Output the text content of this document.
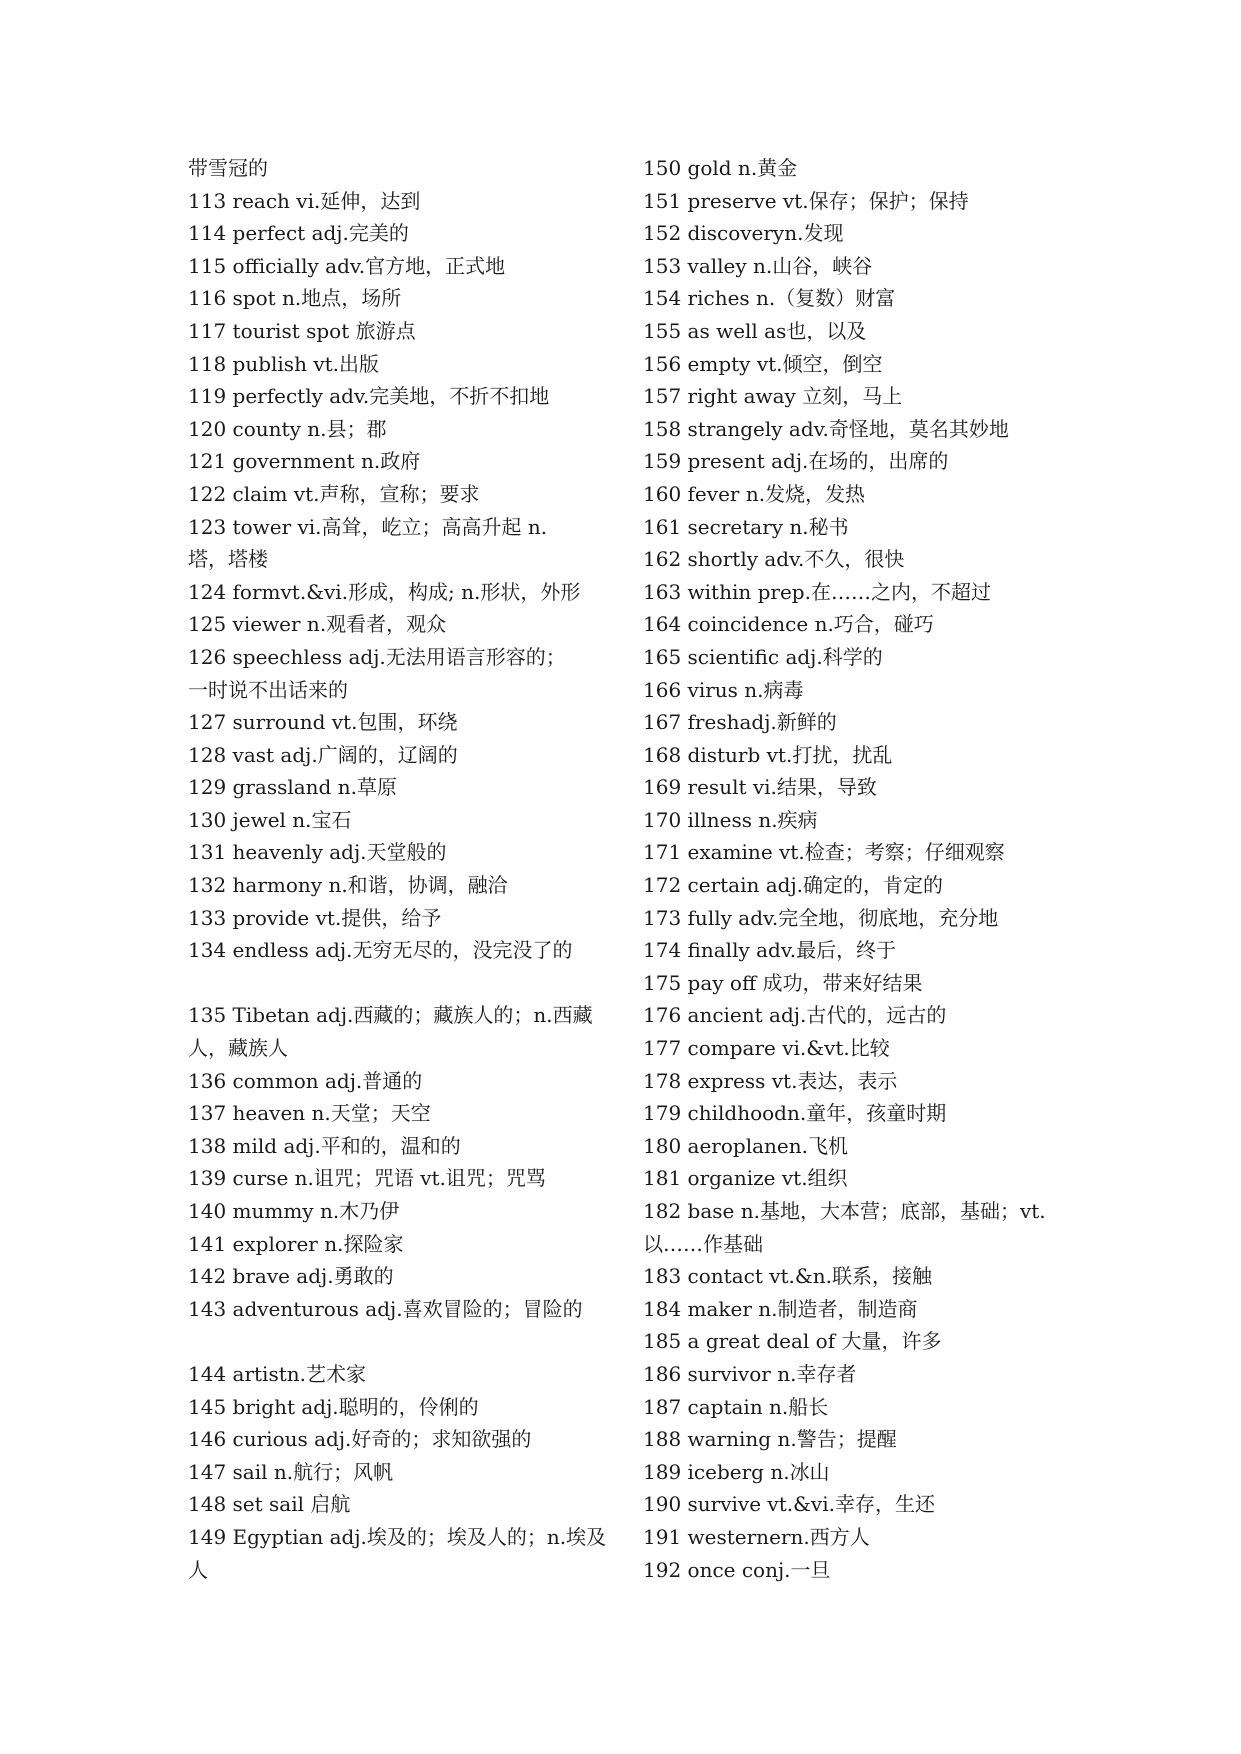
带雪冠的
113 reach vi.延伸，达到
114 perfect adj.完美的
115 officially adv.官方地，正式地
116 spot n.地点，场所
117 tourist spot 旅游点
118 publish vt.出版
119 perfectly adv.完美地，不折不扣地
120 county n.县；郡
121 government n.政府
122 claim vt.声称，宣称；要求
123 tower vi.高耸，屹立；高高升起 n.
塔，塔楼
124 formvt.&vi.形成，构成; n.形状，外形
125 viewer n.观看者，观众
126 speechless adj.无法用语言形容的；
一时说不出话来的
127 surround vt.包围，环绕
128 vast adj.广阔的，辽阔的
129 grassland n.草原
130 jewel n.宝石
131 heavenly adj.天堂般的
132 harmony n.和谐，协调，融洽
133 provide vt.提供，给予
134 endless adj.无穷无尽的，没完没了的
135 Tibetan adj.西藏的；藏族人的；n.西藏
人，藏族人
136 common adj.普通的
137 heaven n.天堂；天空
138 mild adj.平和的，温和的
139 curse n.诅咒；咒语 vt.诅咒；咒骂
140 mummy n.木乃伊
141 explorer n.探险家
142 brave adj.勇敢的
143 adventurous adj.喜欢冒险的；冒险的
144 artistn.艺术家
145 bright adj.聪明的，伶俐的
146 curious adj.好奇的；求知欲强的
147 sail n.航行；风帆
148 set sail 启航
149 Egyptian adj.埃及的；埃及人的；n.埃及
人
150 gold n.黄金
151 preserve vt.保存；保护；保持
152 discoveryn.发现
153 valley n.山谷，峡谷
154 riches n.（复数）财富
155 as well as也，以及
156 empty vt.倾空，倒空
157 right away 立刻，马上
158 strangely adv.奇怪地，莫名其妙地
159 present adj.在场的，出席的
160 fever n.发烧，发热
161 secretary n.秘书
162 shortly adv.不久，很快
163 within prep.在……之内，不超过
164 coincidence n.巧合，碰巧
165 scientific adj.科学的
166 virus n.病毒
167 freshadj.新鲜的
168 disturb vt.打扰，扰乱
169 result vi.结果，导致
170 illness n.疾病
171 examine vt.检查；考察；仔细观察
172 certain adj.确定的，肯定的
173 fully adv.完全地，彻底地，充分地
174 finally adv.最后，终于
175 pay off 成功，带来好结果
176 ancient adj.古代的，远古的
177 compare vi.&vt.比较
178 express vt.表达，表示
179 childhoodn.童年，孩童时期
180 aeroplanen.飞机
181 organize vt.组织
182 base n.基地，大本营；底部，基础；vt.
以……作基础
183 contact vt.&n.联系，接触
184 maker n.制造者，制造商
185 a great deal of 大量，许多
186 survivor n.幸存者
187 captain n.船长
188 warning n.警告；提醒
189 iceberg n.冰山
190 survive vt.&vi.幸存，生还
191 westernern.西方人
192 once conj.一旦
